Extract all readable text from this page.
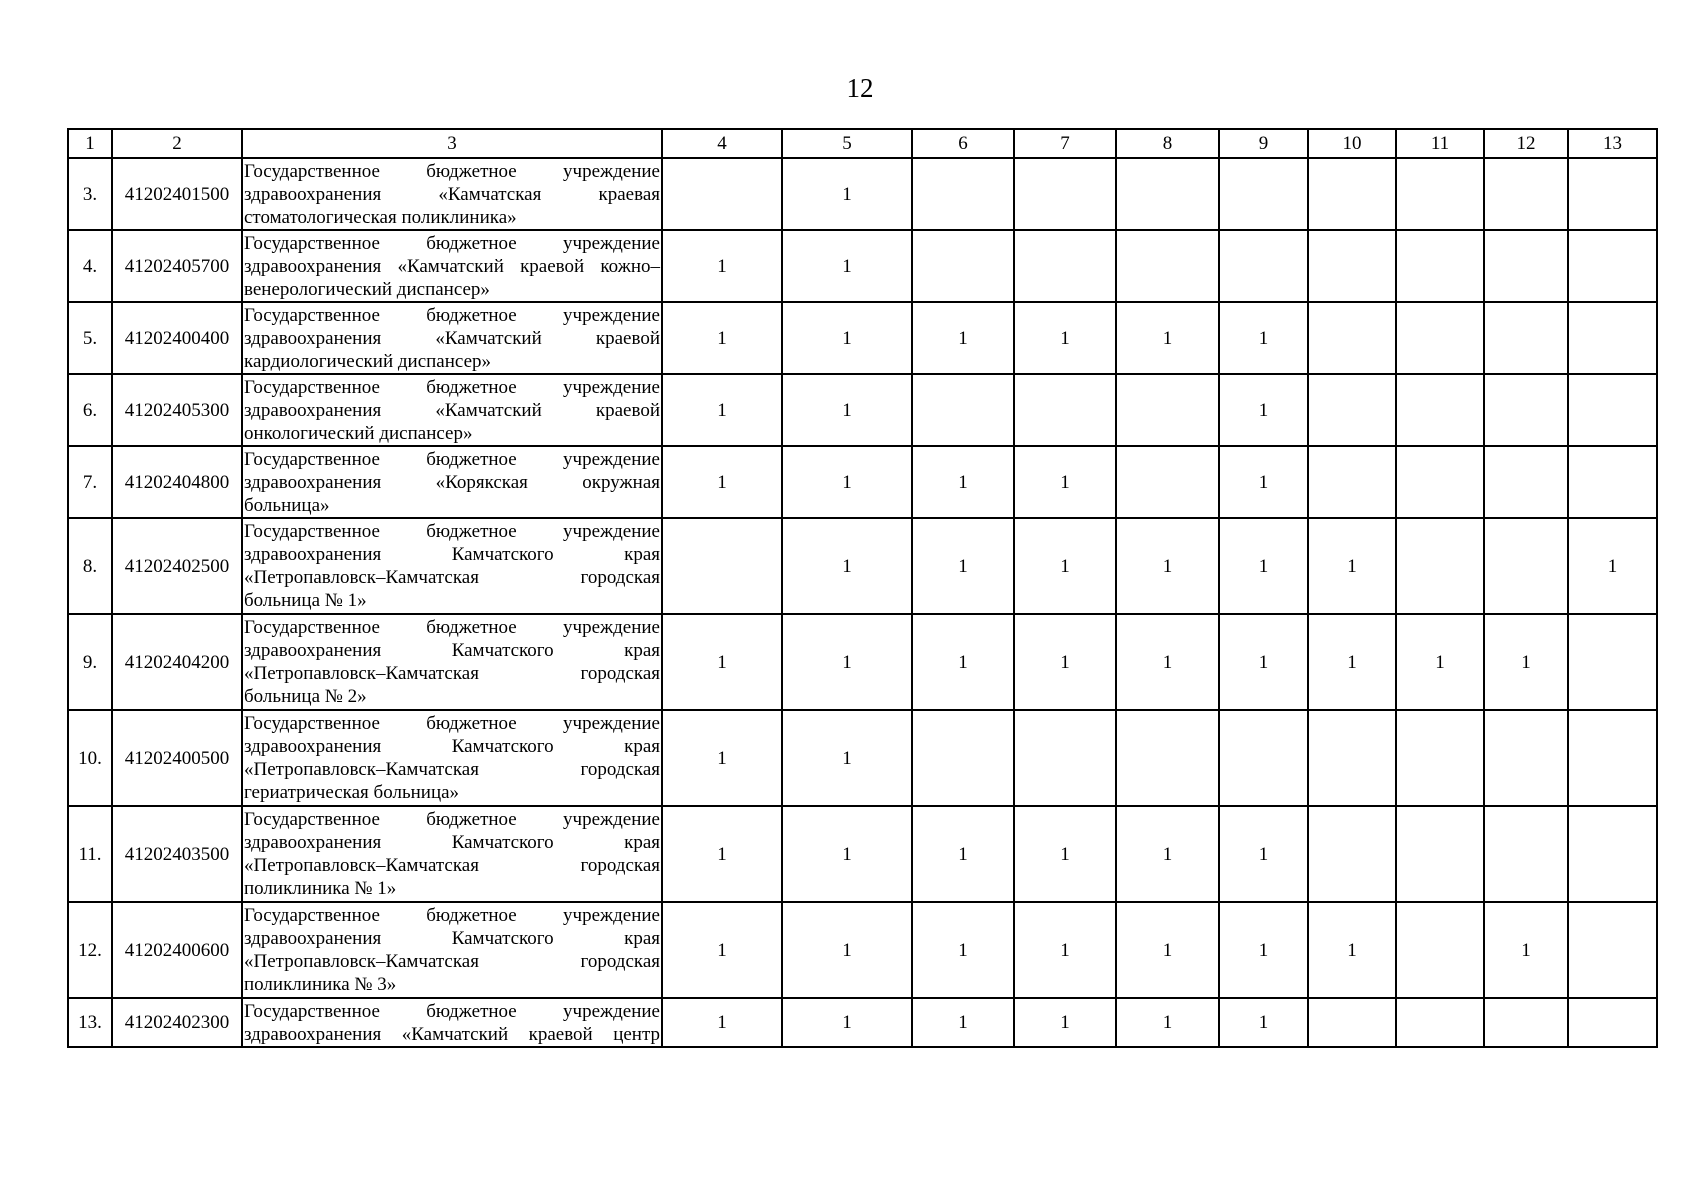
12
1	2	3	4	5	6	7	8	9	10	11	12	13
3.	41202401500	Государственное бюджетное учреждение
здравоохранения «Камчатская краевая
стоматологическая поликлиника»		1								
4.	41202405700	Государственное бюджетное учреждение
здравоохранения «Камчатский краевой кожно–
венерологический диспансер»	1	1								
5.	41202400400	Государственное бюджетное учреждение
здравоохранения «Камчатский краевой
кардиологический диспансер»	1	1	1	1	1	1				
6.	41202405300	Государственное бюджетное учреждение
здравоохранения «Камчатский краевой
онкологический диспансер»	1	1				1				
7.	41202404800	Государственное бюджетное учреждение
здравоохранения «Корякская окружная
больница»	1	1	1	1		1				
8.	41202402500	Государственное бюджетное учреждение
здравоохранения Камчатского края
«Петропавловск–Камчатская городская
больница № 1»		1	1	1	1	1	1			1
9.	41202404200	Государственное бюджетное учреждение
здравоохранения Камчатского края
«Петропавловск–Камчатская городская
больница № 2»	1	1	1	1	1	1	1	1	1	
10.	41202400500	Государственное бюджетное учреждение
здравоохранения Камчатского края
«Петропавловск–Камчатская городская
гериатрическая больница»	1	1								
11.	41202403500	Государственное бюджетное учреждение
здравоохранения Камчатского края
«Петропавловск–Камчатская городская
поликлиника № 1»	1	1	1	1	1	1				
12.	41202400600	Государственное бюджетное учреждение
здравоохранения Камчатского края
«Петропавловск–Камчатская городская
поликлиника № 3»	1	1	1	1	1	1	1		1	
13.	41202402300	Государственное бюджетное учреждение
здравоохранения «Камчатский краевой центр	1	1	1	1	1	1				
